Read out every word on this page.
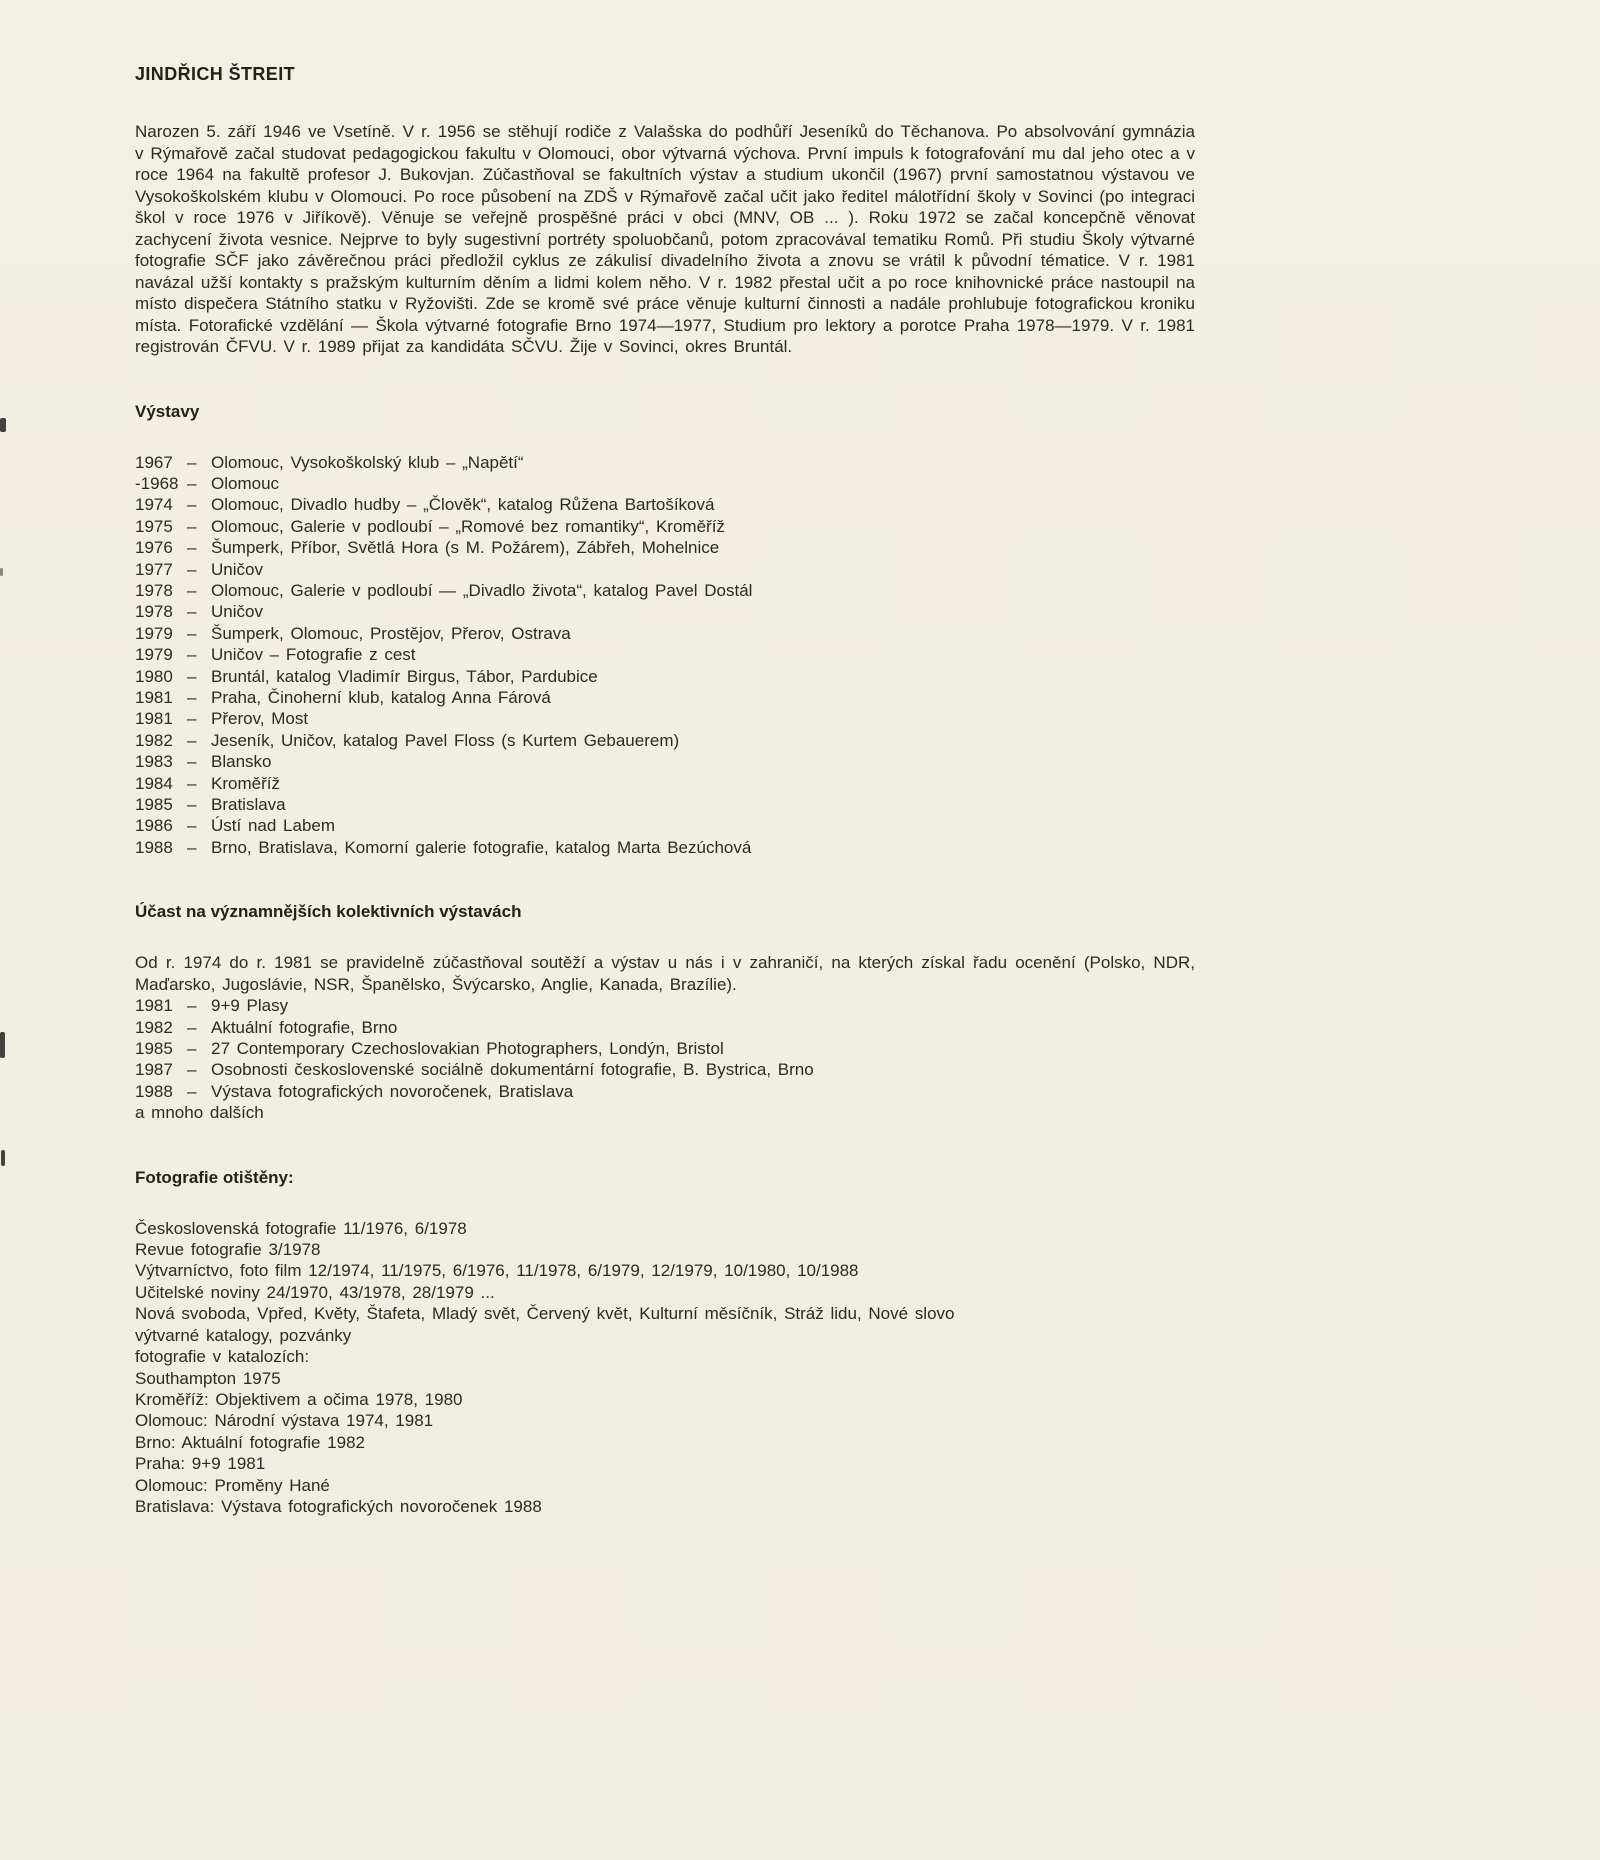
JINDŘICH ŠTREIT

Narozen 5. září 1946 ve Vsetíně. V r. 1956 se stěhují rodiče z Valašska do podhůří Jeseníků do Těchanova. Po absolvování gymnázia v Rýmařově začal studovat pedagogickou fakultu v Olomouci, obor výtvarná výchova. První impuls k fotografování mu dal jeho otec a v roce 1964 na fakultě profesor J. Bukovjan. Zúčastňoval se fakultních výstav a studium ukončil (1967) první samostatnou výstavou ve Vysokoškolském klubu v Olomouci. Po roce působení na ZDŠ v Rýmařově začal učit jako ředitel málotřídní školy v Sovinci (po integraci škol v roce 1976 v Jiříkově). Věnuje se veřejně prospěšné práci v obci (MNV, OB ... ). Roku 1972 se začal koncepčně věnovat zachycení života vesnice. Nejprve to byly sugestivní portréty spoluobčanů, potom zpracovával tematiku Romů. Při studiu Školy výtvarné fotografie SČF jako závěrečnou práci předložil cyklus ze zákulisí divadelního života a znovu se vrátil k původní tématice. V r. 1981 navázal užší kontakty s pražským kulturním děním a lidmi kolem něho. V r. 1982 přestal učit a po roce knihovnické práce nastoupil na místo dispečera Státního statku v Ryžovišti. Zde se kromě své práce věnuje kulturní činnosti a nadále prohlubuje fotografickou kroniku místa. Fotorafické vzdělání — Škola výtvarné fotografie Brno 1974—1977, Studium pro lektory a porotce Praha 1978—1979. V r. 1981 registrován ČFVU. V r. 1989 přijat za kandidáta SČVU. Žije v Sovinci, okres Bruntál.

Výstavy
1967 – Olomouc, Vysokoškolský klub – „Napětí“
-1968 – Olomouc
1974 – Olomouc, Divadlo hudby – „Člověk“, katalog Růžena Bartošíková
1975 – Olomouc, Galerie v podloubí – „Romové bez romantiky“, Kroměříž
1976 – Šumperk, Příbor, Světlá Hora (s M. Požárem), Zábřeh, Mohelnice
1977 – Uničov
1978 – Olomouc, Galerie v podloubí — „Divadlo života“, katalog Pavel Dostál
1978 – Uničov
1979 – Šumperk, Olomouc, Prostějov, Přerov, Ostrava
1979 – Uničov – Fotografie z cest
1980 – Bruntál, katalog Vladimír Birgus, Tábor, Pardubice
1981 – Praha, Činoherní klub, katalog Anna Fárová
1981 – Přerov, Most
1982 – Jeseník, Uničov, katalog Pavel Floss (s Kurtem Gebauerem)
1983 – Blansko
1984 – Kroměříž
1985 – Bratislava
1986 – Ústí nad Labem
1988 – Brno, Bratislava, Komorní galerie fotografie, katalog Marta Bezúchová
Účast na významnějších kolektivních výstavách

Od r. 1974 do r. 1981 se pravidelně zúčastňoval soutěží a výstav u nás i v zahraničí, na kterých získal řadu ocenění (Polsko, NDR, Maďarsko, Jugoslávie, NSR, Španělsko, Švýcarsko, Anglie, Kanada, Brazílie).

1981 – 9+9 Plasy
1982 – Aktuální fotografie, Brno
1985 – 27 Contemporary Czechoslovakian Photographers, Londýn, Bristol
1987 – Osobnosti československé sociálně dokumentární fotografie, B. Bystrica, Brno
1988 – Výstava fotografických novoročenek, Bratislava
a mnoho dalších
Fotografie otištěny:
Československá fotografie 11/1976, 6/1978
Revue fotografie 3/1978
Výtvarníctvo, foto film 12/1974, 11/1975, 6/1976, 11/1978, 6/1979, 12/1979, 10/1980, 10/1988
Učitelské noviny 24/1970, 43/1978, 28/1979 ...
Nová svoboda, Vpřed, Květy, Štafeta, Mladý svět, Červený květ, Kulturní měsíčník, Stráž lidu, Nové slovo
výtvarné katalogy, pozvánky
fotografie v katalozích:
Southampton 1975
Kroměříž: Objektivem a očima 1978, 1980
Olomouc: Národní výstava 1974, 1981
Brno: Aktuální fotografie 1982
Praha: 9+9 1981
Olomouc: Proměny Hané
Bratislava: Výstava fotografických novoročenek 1988
